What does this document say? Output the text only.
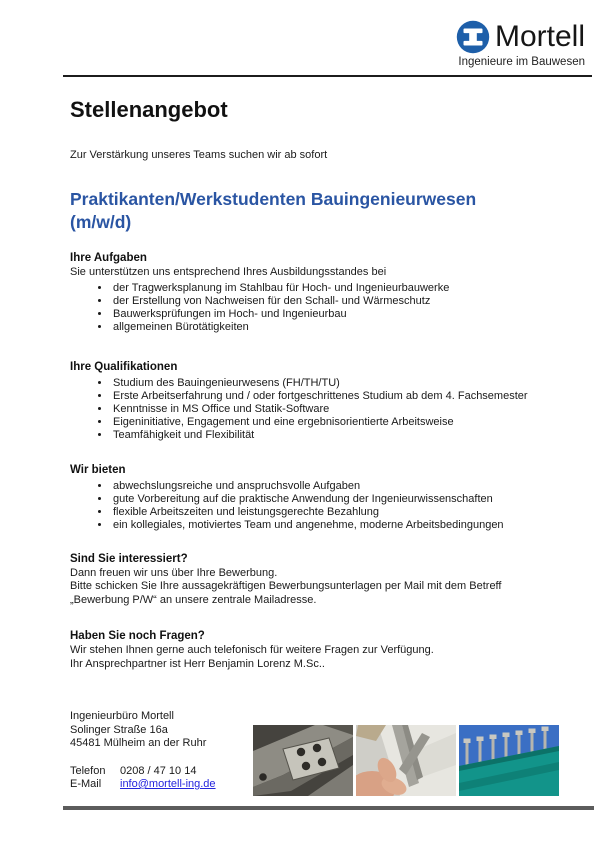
Mortell
Ingenieure im Bauwesen
Stellenangebot

Zur Verstärkung unseres Teams suchen wir ab sofort

Praktikanten/Werkstudenten Bauingenieurwesen
(m/w/d)
Ihre Aufgaben

Sie unterstützen uns entsprechend Ihres Ausbildungsstandes bei

• der Tragwerksplanung im Stahlbau für Hoch- und Ingenieurbauwerke
• der Erstellung von Nachweisen für den Schall- und Wärmeschutz
• Bauwerksprüfungen im Hoch- und Ingenieurbau
• allgemeinen Bürotätigkeiten
Ihre Qualifikationen
• Studium des Bauingenieurwesens (FH/TH/TU)
• Erste Arbeitserfahrung und / oder fortgeschrittenes Studium ab dem 4. Fachsemester
• Kenntnisse in MS Office und Statik-Software
• Eigeninitiative, Engagement und eine ergebnisorientierte Arbeitsweise
• Teamfähigkeit und Flexibilität
Wir bieten
• abwechslungsreiche und anspruchsvolle Aufgaben
• gute Vorbereitung auf die praktische Anwendung der Ingenieurwissenschaften
• flexible Arbeitszeiten und leistungsgerechte Bezahlung
• ein kollegiales, motiviertes Team und angenehme, moderne Arbeitsbedingungen
Sind Sie interessiert?

Dann freuen wir uns über Ihre Bewerbung.

Bitte schicken Sie Ihre aussagekräftigen Bewerbungsunterlagen per Mail mit dem Betreff

„Bewerbung P/W“ an unsere zentrale Mailadresse.

Haben Sie noch Fragen?

Wir stehen Ihnen gerne auch telefonisch für weitere Fragen zur Verfügung.

Ihr Ansprechpartner ist Herr Benjamin Lorenz M.Sc..

Ingenieurbüro Mortell

Solinger Straße 16a

45481 Mülheim an der Ruhr

Telefon	0208 / 47 10 14
E-Mail	info@mortell-ing.de
